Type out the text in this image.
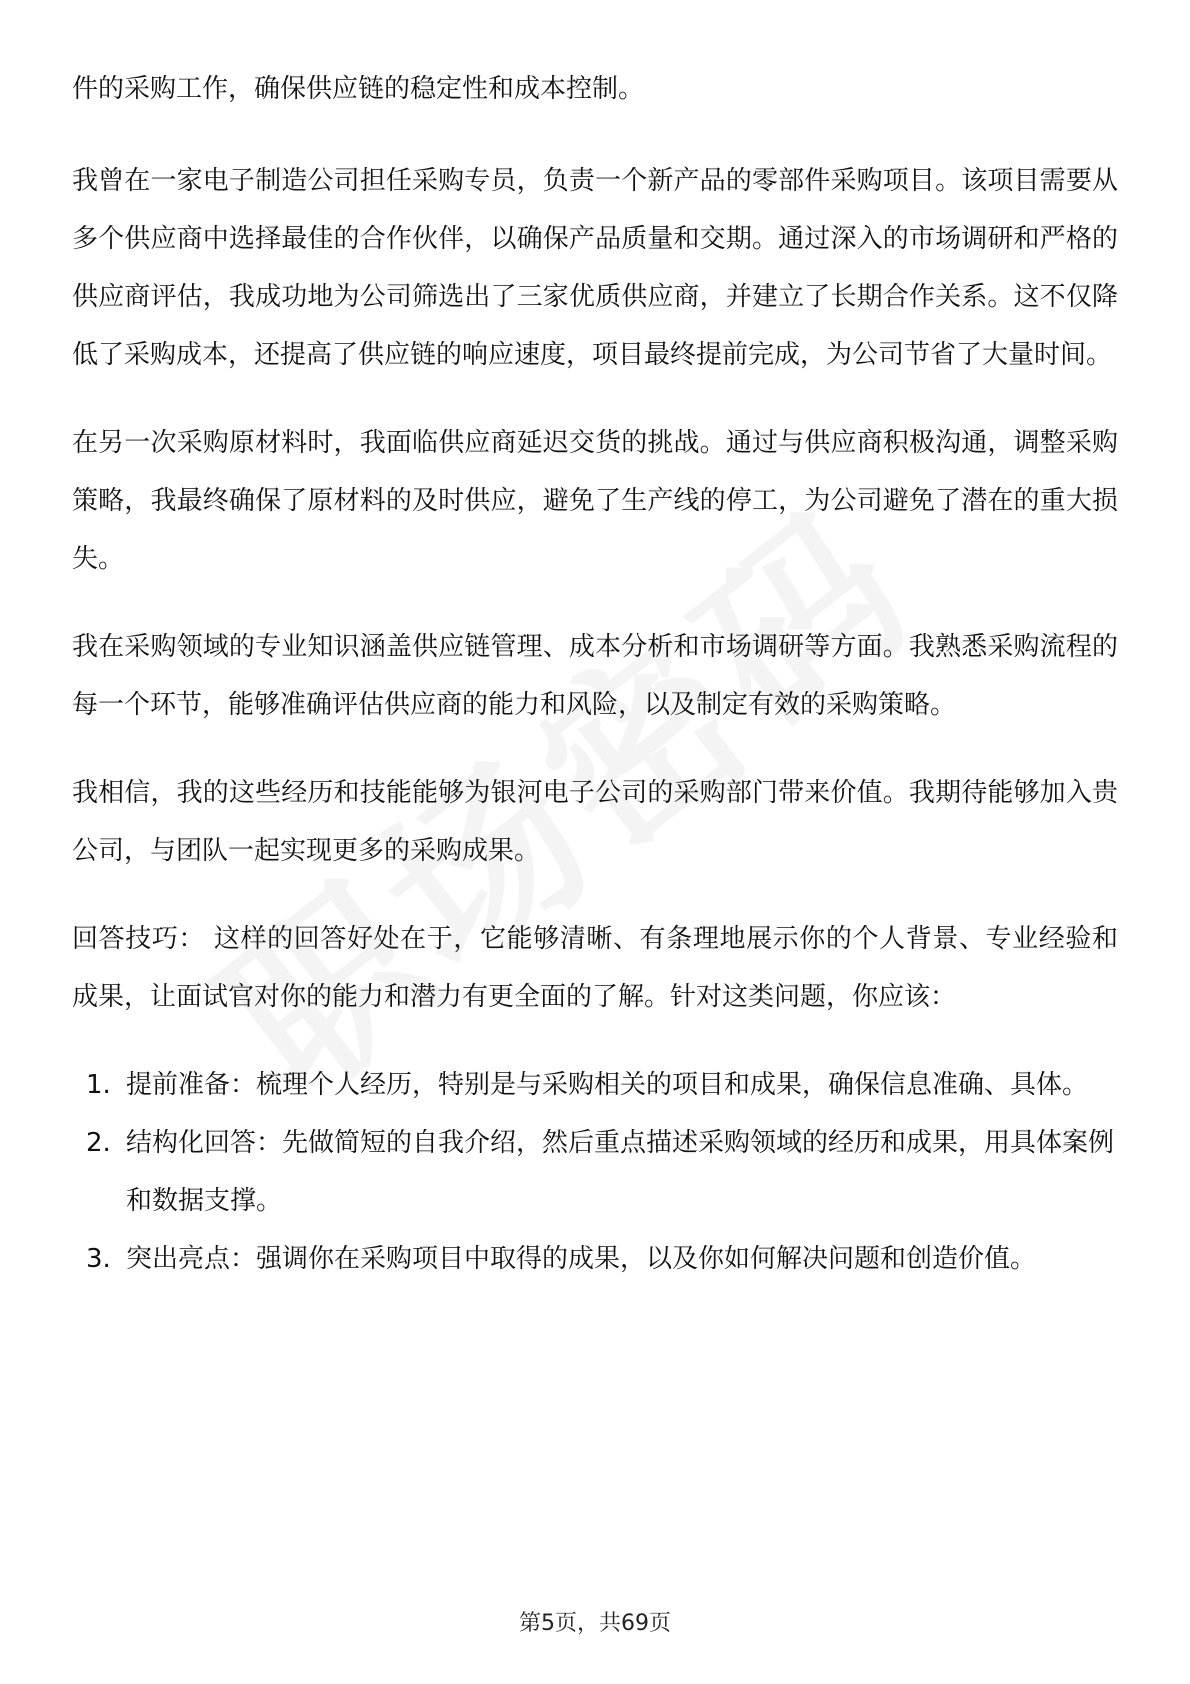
件的采购工作，确保供应链的稳定性和成本控制。

我曾在一家电子制造公司担任采购专员，负责一个新产品的零部件采购项目。该项目需要从多个供应商中选择最佳的合作伙伴，以确保产品质量和交期。通过深入的市场调研和严格的供应商评估，我成功地为公司筛选出了三家优质供应商，并建立了长期合作关系。这不仅降低了采购成本，还提高了供应链的响应速度，项目最终提前完成，为公司节省了大量时间。

在另一次采购原材料时，我面临供应商延迟交货的挑战。通过与供应商积极沟通，调整采购策略，我最终确保了原材料的及时供应，避免了生产线的停工，为公司避免了潜在的重大损失。

我在采购领域的专业知识涵盖供应链管理、成本分析和市场调研等方面。我熟悉采购流程的每一个环节，能够准确评估供应商的能力和风险，以及制定有效的采购策略。

我相信，我的这些经历和技能能够为银河电子公司的采购部门带来价值。我期待能够加入贵公司，与团队一起实现更多的采购成果。

回答技巧： 这样的回答好处在于，它能够清晰、有条理地展示你的个人背景、专业经验和成果，让面试官对你的能力和潜力有更全面的了解。针对这类问题，你应该：

1. 提前准备：梳理个人经历，特别是与采购相关的项目和成果，确保信息准确、具体。
2. 结构化回答：先做简短的自我介绍，然后重点描述采购领域的经历和成果，用具体案例和数据支撑。
3. 突出亮点：强调你在采购项目中取得的成果，以及你如何解决问题和创造价值。
第5页，共69页
